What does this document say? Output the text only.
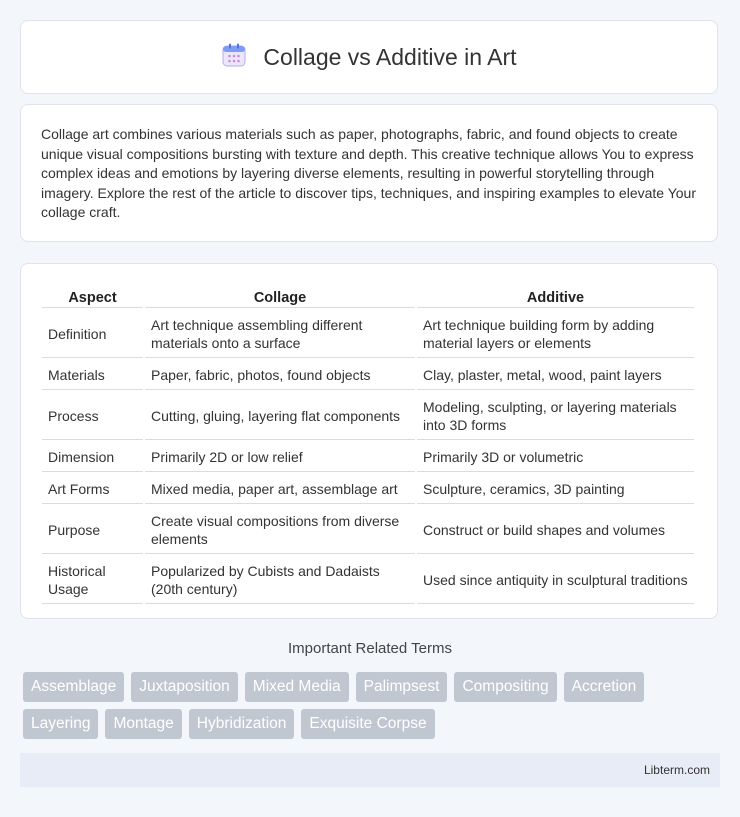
Collage vs Additive in Art

Collage art combines various materials such as paper, photographs, fabric, and found objects to create unique visual compositions bursting with texture and depth. This creative technique allows You to express complex ideas and emotions by layering diverse elements, resulting in powerful storytelling through imagery. Explore the rest of the article to discover tips, techniques, and inspiring examples to elevate Your collage craft.

Aspect	Collage	Additive
Definition	Art technique assembling different materials onto a surface	Art technique building form by adding material layers or elements
Materials	Paper, fabric, photos, found objects	Clay, plaster, metal, wood, paint layers
Process	Cutting, gluing, layering flat components	Modeling, sculpting, or layering materials into 3D forms
Dimension	Primarily 2D or low relief	Primarily 3D or volumetric
Art Forms	Mixed media, paper art, assemblage art	Sculpture, ceramics, 3D painting
Purpose	Create visual compositions from diverse elements	Construct or build shapes and volumes
Historical Usage	Popularized by Cubists and Dadaists (20th century)	Used since antiquity in sculptural traditions
Important Related Terms
Assemblage	Juxtaposition	Mixed Media	Palimpsest	Compositing	Accretion
Layering	Montage	Hybridization	Exquisite Corpse
Libterm.com
